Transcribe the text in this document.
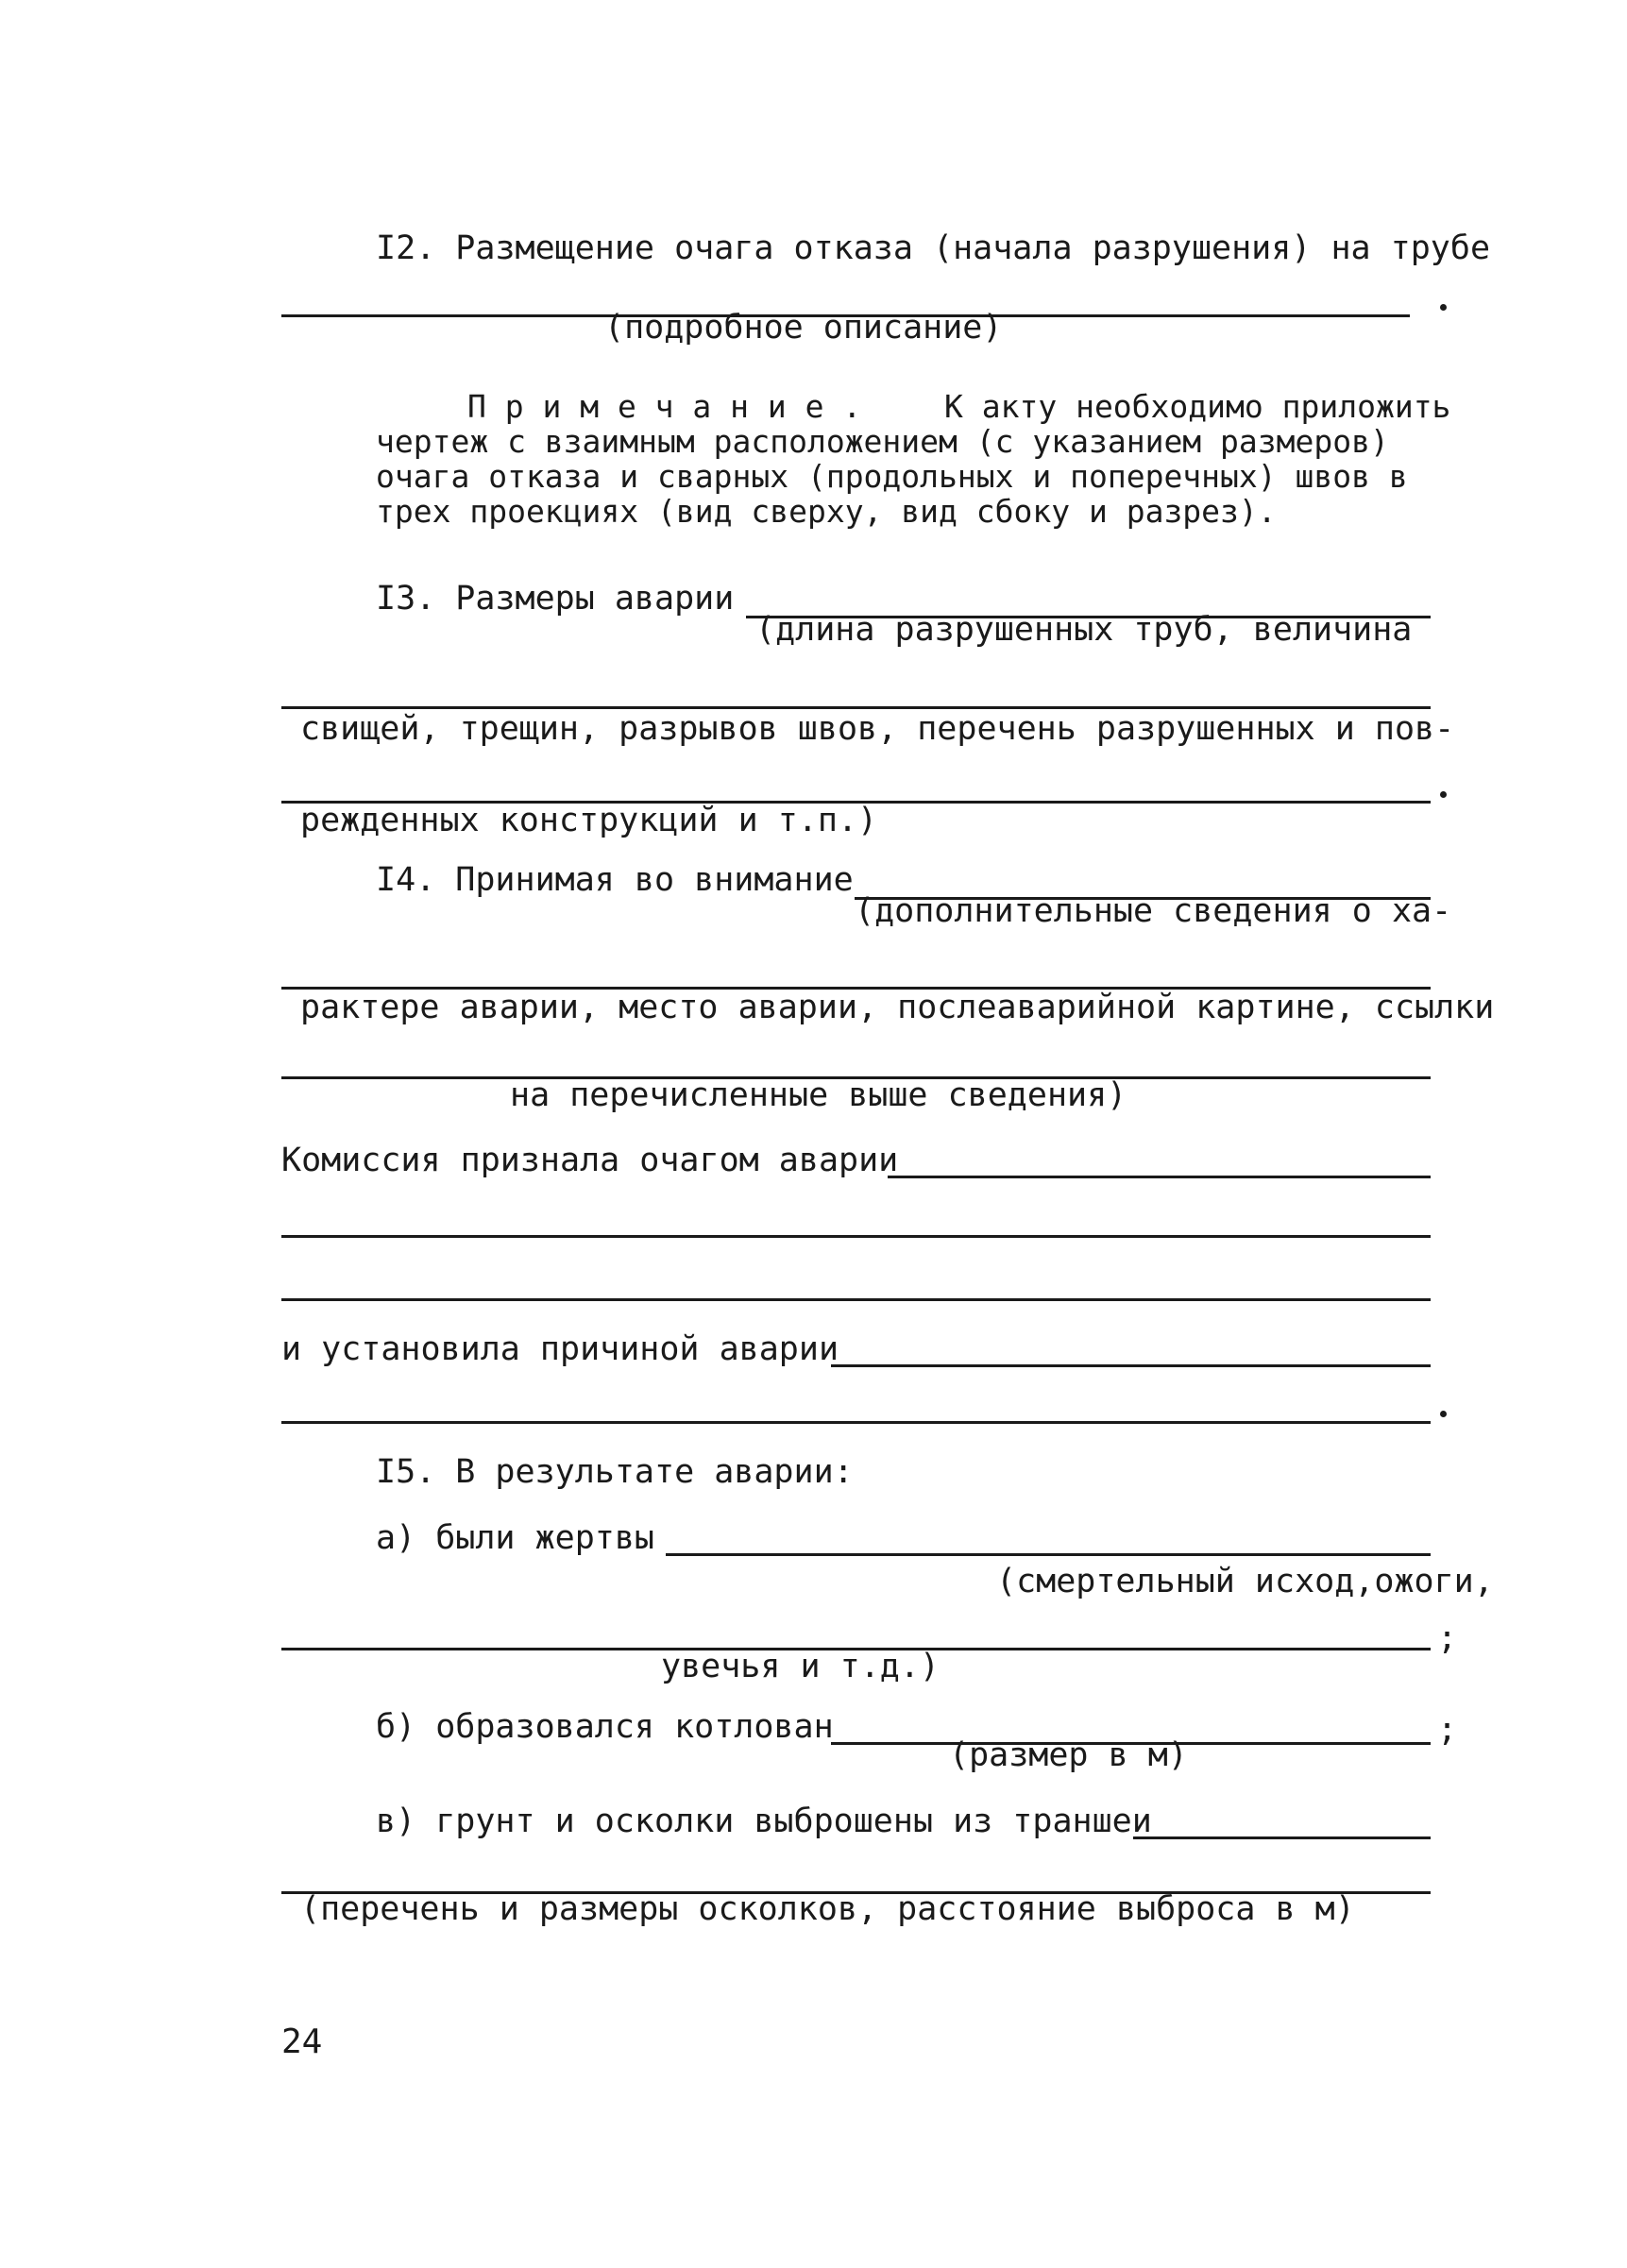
I2. Размещение очага отказа (начала разрушения) на трубе
(подробное описание)
П р и м е ч а н и е .	К акту необходимо приложить
чертеж с взаимным расположением (с указанием размеров)
очага отказа и сварных (продольных и поперечных) швов в
трех проекциях (вид сверху, вид сбоку и разрез).
I3. Размеры аварии
(длина разрушенных труб, величина
свищей, трещин, разрывов швов, перечень разрушенных и пов-
режденных конструкций и т.п.)
I4. Принимая во внимание
(дополнительные сведения о ха-
рактере аварии, место аварии, послеаварийной картине, ссылки
на перечисленные выше сведения)
Комиссия признала очагом аварии
и установила причиной аварии
I5. В результате аварии:
а) были жертвы
(смертельный исход,ожоги,
;
увечья и т.д.)
б) образовался котлован	;
(размер в м)
в) грунт и осколки выброшены из траншеи
(перечень и размеры осколков, расстояние выброса в м)
24
